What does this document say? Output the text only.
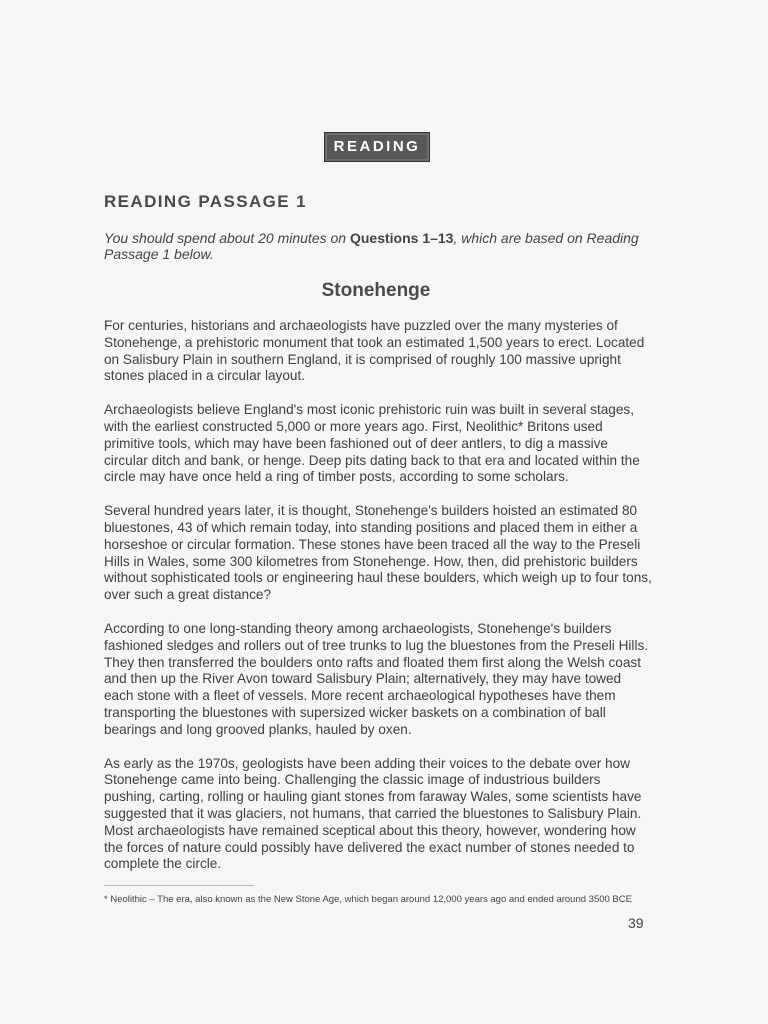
READING
READING PASSAGE 1

You should spend about 20 minutes on Questions 1–13, which are based on Reading Passage 1 below.

Stonehenge

For centuries, historians and archaeologists have puzzled over the many mysteries of Stonehenge, a prehistoric monument that took an estimated 1,500 years to erect. Located on Salisbury Plain in southern England, it is comprised of roughly 100 massive upright stones placed in a circular layout.

Archaeologists believe England's most iconic prehistoric ruin was built in several stages, with the earliest constructed 5,000 or more years ago. First, Neolithic* Britons used primitive tools, which may have been fashioned out of deer antlers, to dig a massive circular ditch and bank, or henge. Deep pits dating back to that era and located within the circle may have once held a ring of timber posts, according to some scholars.

Several hundred years later, it is thought, Stonehenge's builders hoisted an estimated 80 bluestones, 43 of which remain today, into standing positions and placed them in either a horseshoe or circular formation. These stones have been traced all the way to the Preseli Hills in Wales, some 300 kilometres from Stonehenge. How, then, did prehistoric builders without sophisticated tools or engineering haul these boulders, which weigh up to four tons, over such a great distance?

According to one long-standing theory among archaeologists, Stonehenge's builders fashioned sledges and rollers out of tree trunks to lug the bluestones from the Preseli Hills. They then transferred the boulders onto rafts and floated them first along the Welsh coast and then up the River Avon toward Salisbury Plain; alternatively, they may have towed each stone with a fleet of vessels. More recent archaeological hypotheses have them transporting the bluestones with supersized wicker baskets on a combination of ball bearings and long grooved planks, hauled by oxen.

As early as the 1970s, geologists have been adding their voices to the debate over how Stonehenge came into being. Challenging the classic image of industrious builders pushing, carting, rolling or hauling giant stones from faraway Wales, some scientists have suggested that it was glaciers, not humans, that carried the bluestones to Salisbury Plain. Most archaeologists have remained sceptical about this theory, however, wondering how the forces of nature could possibly have delivered the exact number of stones needed to complete the circle.

* Neolithic – The era, also known as the New Stone Age, which began around 12,000 years ago and ended around 3500 BCE

39
